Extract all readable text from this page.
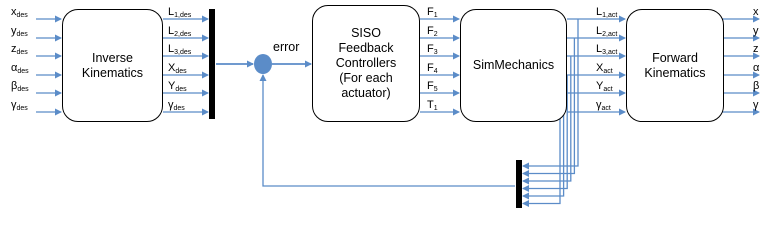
Inverse
Kinematics
SISO
Feedback
Controllers
(For each
actuator)
SimMechanics
Forward
Kinematics
error
$x_{des}$
$y_{des}$
$z_{des}$
$\alpha_{des}$
$\beta_{des}$
$\gamma_{des}$
$L_{1,des}$
$L_{2,des}$
$L_{3,des}$
$X_{des}$
$Y_{des}$
$\gamma_{des}$
$F_1$
$F_2$
$F_3$
$F_4$
$F_5$
$T_1$
$L_{1,act}$
$L_{2,act}$
$L_{3,act}$
$X_{act}$
$Y_{act}$
$\gamma_{act}$
x
y
z
α
β
γ
